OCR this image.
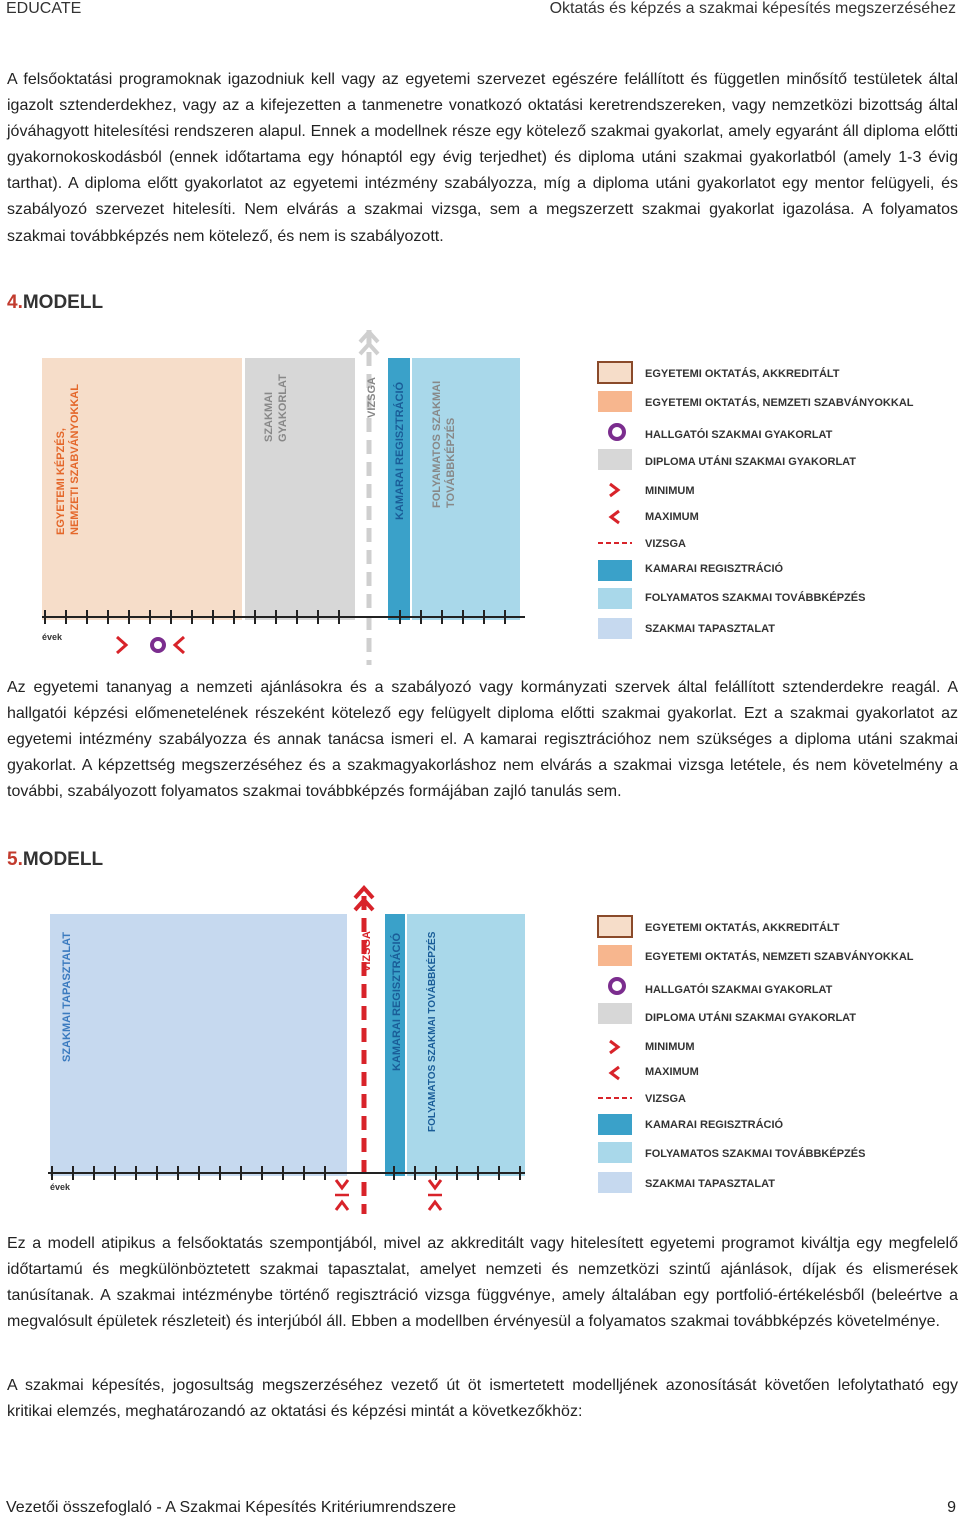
EDUCATE	Oktatás és képzés a szakmai képesítés megszerzéséhez

A felsőoktatási programoknak igazodniuk kell vagy az egyetemi szervezet egészére felállított és független minősítő testületek által igazolt sztenderdekhez, vagy az a kifejezetten a tanmenetre vonatkozó oktatási keretrendszereken, vagy nemzetközi bizottság által jóváhagyott hitelesítési rendszeren alapul. Ennek a modellnek része egy kötelező szakmai gyakorlat, amely egyaránt áll diploma előtti gyakornokoskodásból (ennek időtartama egy hónaptól egy évig terjedhet) és diploma utáni szakmai gyakorlatból (amely 1-3 évig tarthat). A diploma előtt gyakorlatot az egyetemi intézmény szabályozza, míg a diploma utáni gyakorlatot egy mentor felügyeli, és szabályozó szervezet hitelesíti. Nem elvárás a szakmai vizsga, sem a megszerzett szakmai gyakorlat igazolása. A folyamatos szakmai továbbképzés nem kötelező, és nem is szabályozott.

4.MODELL
EGYETEMI KÉPZÉS, NEMZETI SZABVÁNYOKKAL	SZAKMAI GYAKORLAT	VIZSGA KAMARAI REGISZTRÁCIÓ FOLYAMATOS SZAKMAI TOVÁBBKÉPZÉS
évek
EGYETEMI OKTATÁS, AKKREDITÁLT
EGYETEMI OKTATÁS, NEMZETI SZABVÁNYOKKAL
HALLGATÓI SZAKMAI GYAKORLAT
DIPLOMA UTÁNI SZAKMAI GYAKORLAT
MINIMUM
MAXIMUM
VIZSGA
KAMARAI REGISZTRÁCIÓ
FOLYAMATOS SZAKMAI TOVÁBBKÉPZÉS
SZAKMAI TAPASZTALAT

Az egyetemi tananyag a nemzeti ajánlásokra és a szabályozó vagy kormányzati szervek által felállított sztenderdekre reagál. A hallgatói képzési előmenetelének részeként kötelező egy felügyelt diploma előtti szakmai gyakorlat. Ezt a szakmai gyakorlatot az egyetemi intézmény szabályozza és annak tanácsa ismeri el. A kamarai regisztrációhoz nem szükséges a diploma utáni szakmai gyakorlat. A képzettség megszerzéséhez és a szakmagyakorláshoz nem elvárás a szakmai vizsga letétele, és nem követelmény a további, szabályozott folyamatos szakmai továbbképzés formájában zajló tanulás sem.

5.MODELL
SZAKMAI TAPASZTALAT	VIZSGA KAMARAI REGISZTRÁCIÓ FOLYAMATOS SZAKMAI TOVÁBBKÉPZÉS
évek
EGYETEMI OKTATÁS, AKKREDITÁLT
EGYETEMI OKTATÁS, NEMZETI SZABVÁNYOKKAL
HALLGATÓI SZAKMAI GYAKORLAT
DIPLOMA UTÁNI SZAKMAI GYAKORLAT
MINIMUM
MAXIMUM
VIZSGA
KAMARAI REGISZTRÁCIÓ
FOLYAMATOS SZAKMAI TOVÁBBKÉPZÉS
SZAKMAI TAPASZTALAT

Ez a modell atipikus a felsőoktatás szempontjából, mivel az akkreditált vagy hitelesített egyetemi programot kiváltja egy megfelelő időtartamú és megkülönböztetett szakmai tapasztalat, amelyet nemzeti és nemzetközi szintű ajánlások, díjak és elismerések tanúsítanak. A szakmai intézménybe történő regisztráció vizsga függvénye, amely általában egy portfolió-értékelésből (beleértve a megvalósult épületek részleteit) és interjúból áll. Ebben a modellben érvényesül a folyamatos szakmai továbbképzés követelménye.

A szakmai képesítés, jogosultság megszerzéséhez vezető út öt ismertetett modelljének azonosítását követően lefolytatható egy kritikai elemzés, meghatározandó az oktatási és képzési mintát a következőkhöz:

Vezetői összefoglaló - A Szakmai Képesítés Kritériumrendszere	9
